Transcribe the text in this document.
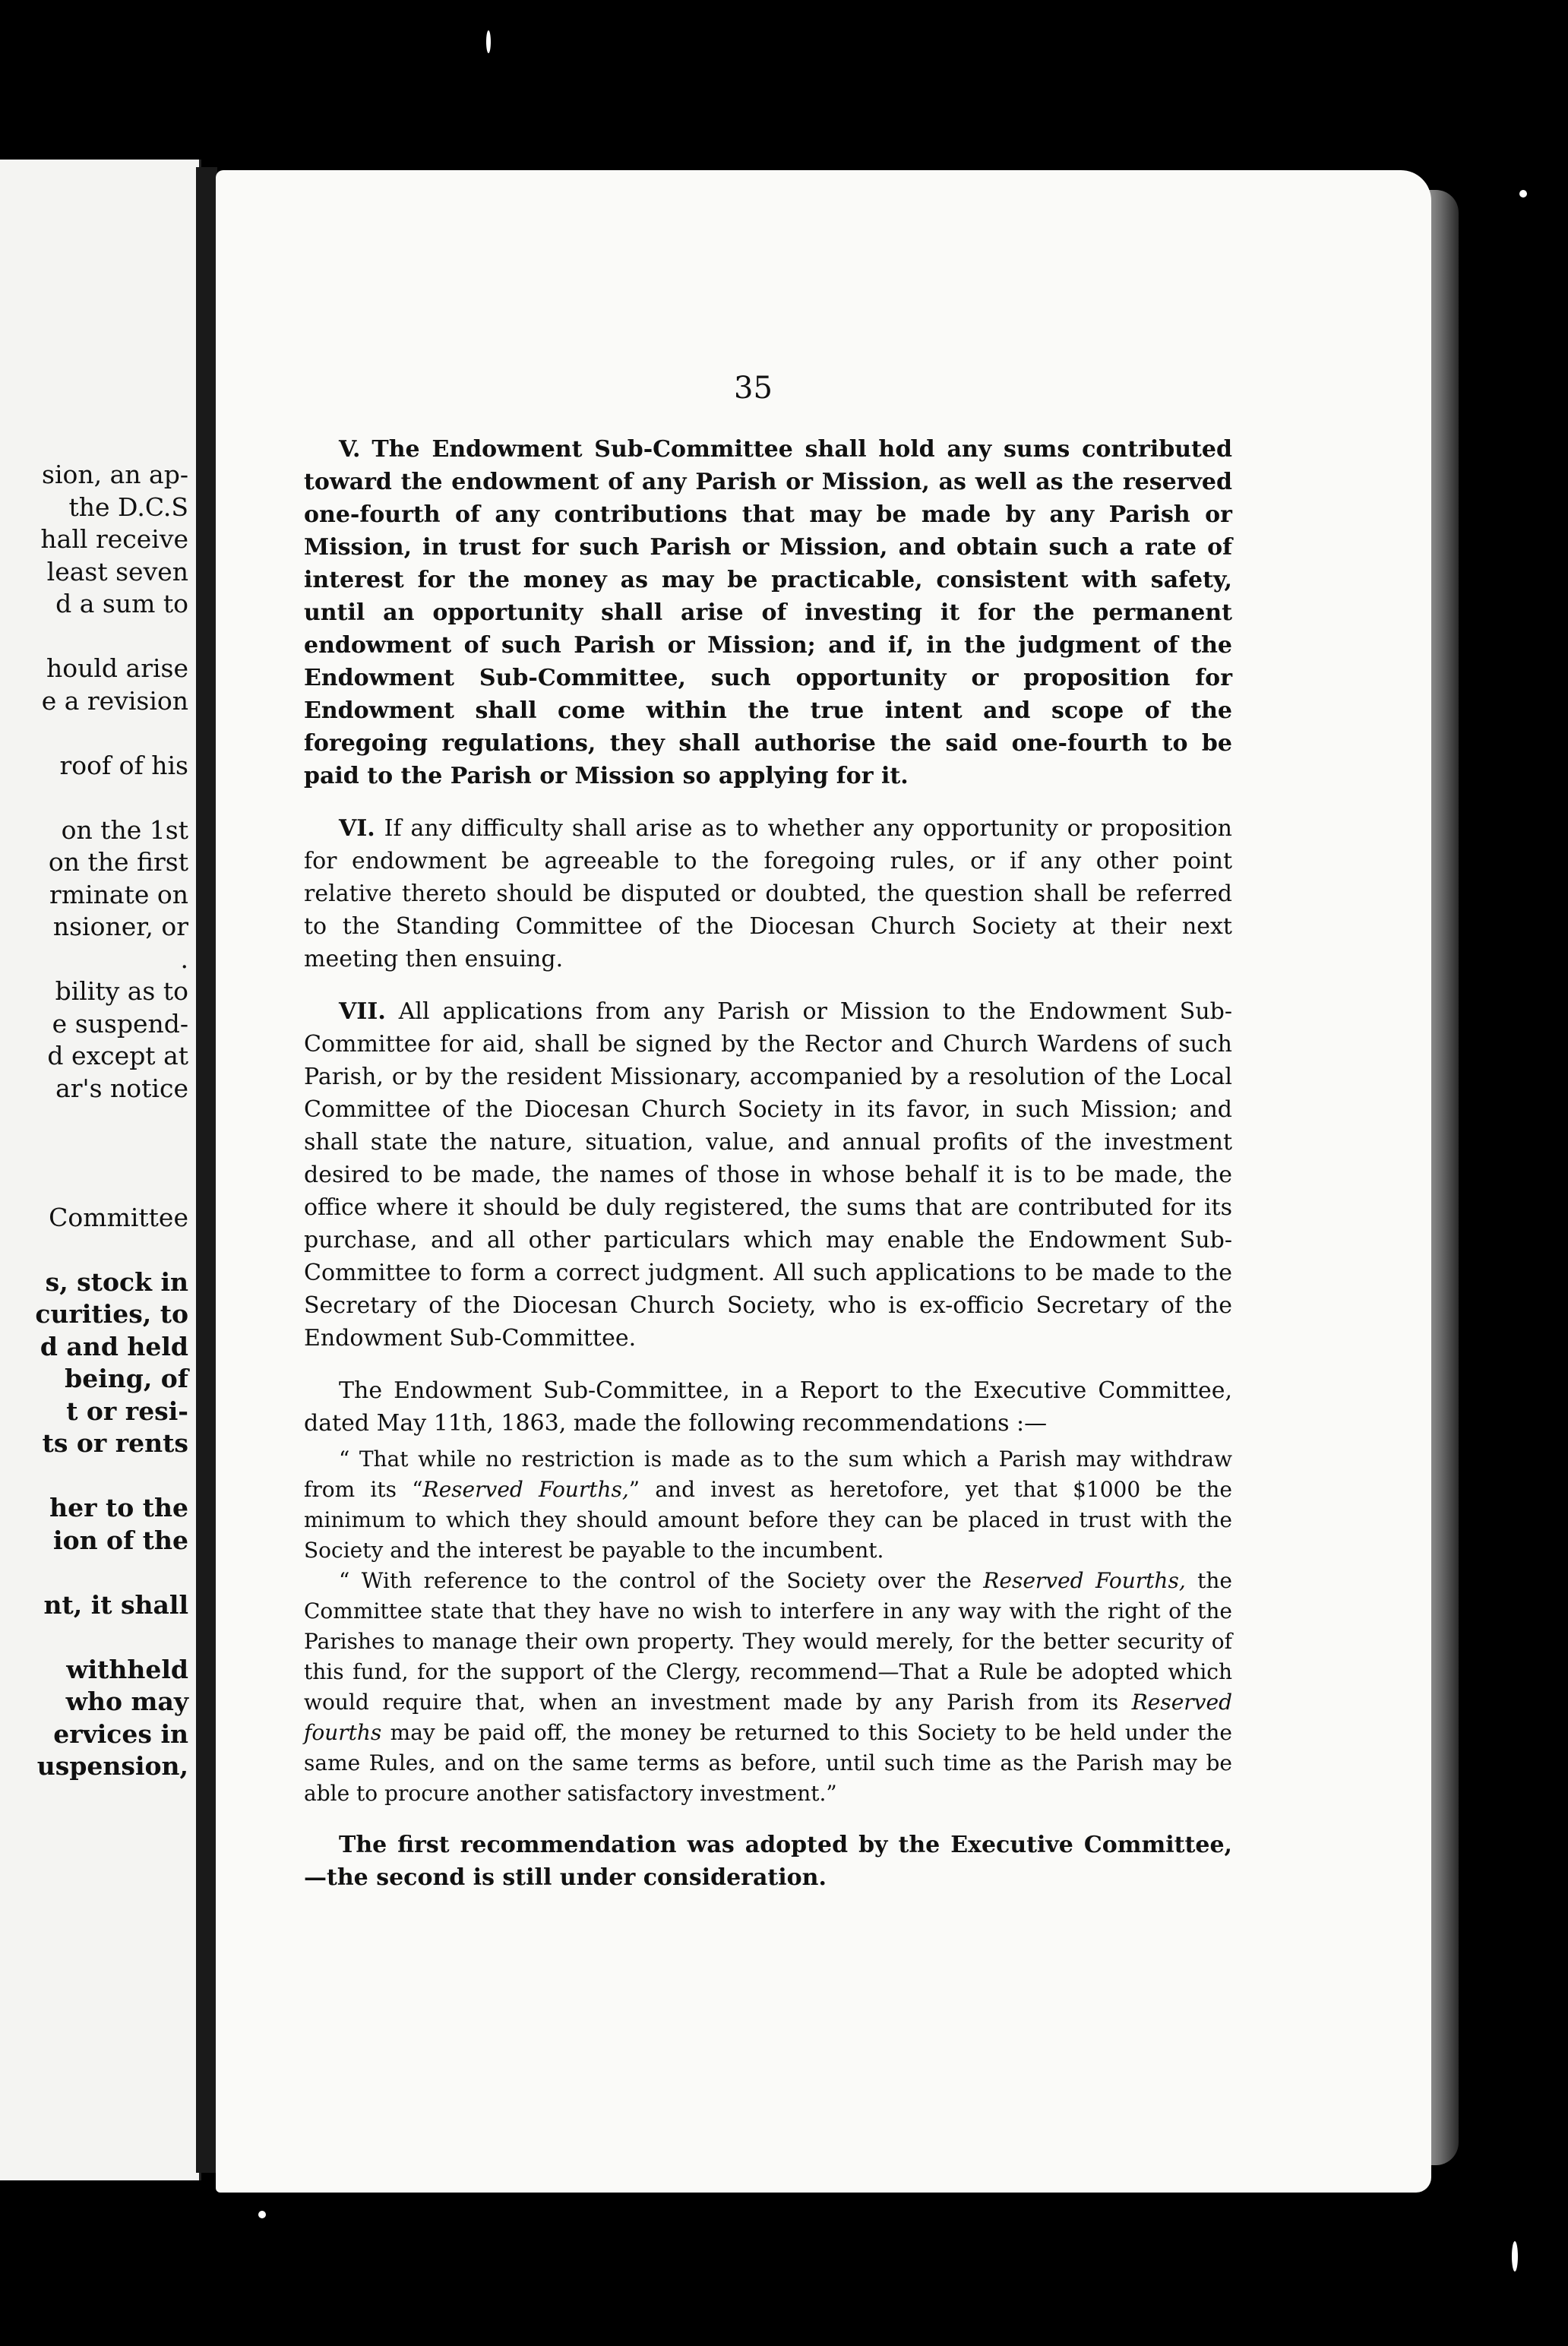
sion, an ap-
the D.C.S
hall receive
least seven
d a sum to
hould arise
e a revision
roof of his
on the 1st
on the first
rminate on
nsioner, or
.
bility as to
e suspend-
d except at
ar's notice
Committee
s, stock in
curities, to
d and held
being, of
t or resi-
ts or rents
her to the
ion of the
nt, it shall
withheld
who may
ervices in
uspension,
35

V. The Endowment Sub-Committee shall hold any sums contributed toward the endowment of any Parish or Mission, as well as the reserved one-fourth of any contributions that may be made by any Parish or Mission, in trust for such Parish or Mission, and obtain such a rate of interest for the money as may be practicable, consistent with safety, until an opportunity shall arise of investing it for the permanent endowment of such Parish or Mission; and if, in the judgment of the Endowment Sub-Committee, such opportunity or proposition for Endowment shall come within the true intent and scope of the foregoing regulations, they shall authorise the said one-fourth to be paid to the Parish or Mission so applying for it.

VI. If any difficulty shall arise as to whether any opportunity or proposition for endowment be agreeable to the foregoing rules, or if any other point relative thereto should be disputed or doubted, the question shall be referred to the Standing Committee of the Diocesan Church Society at their next meeting then ensuing.

VII. All applications from any Parish or Mission to the Endowment Sub-Committee for aid, shall be signed by the Rector and Church Wardens of such Parish, or by the resident Missionary, accompanied by a resolution of the Local Committee of the Diocesan Church Society in its favor, in such Mission; and shall state the nature, situation, value, and annual profits of the investment desired to be made, the names of those in whose behalf it is to be made, the office where it should be duly registered, the sums that are contributed for its purchase, and all other particulars which may enable the Endowment Sub-Committee to form a correct judgment. All such applications to be made to the Secretary of the Diocesan Church Society, who is ex-officio Secretary of the Endowment Sub-Committee.

The Endowment Sub-Committee, in a Report to the Executive Committee, dated May 11th, 1863, made the following recommendations :—

“ That while no restriction is made as to the sum which a Parish may withdraw from its “Reserved Fourths,” and invest as heretofore, yet that $1000 be the minimum to which they should amount before they can be placed in trust with the Society and the interest be payable to the incumbent.

“ With reference to the control of the Society over the Reserved Fourths, the Committee state that they have no wish to interfere in any way with the right of the Parishes to manage their own property. They would merely, for the better security of this fund, for the support of the Clergy, recommend—That a Rule be adopted which would require that, when an investment made by any Parish from its Reserved fourths may be paid off, the money be returned to this Society to be held under the same Rules, and on the same terms as before, until such time as the Parish may be able to procure another satisfactory investment.”

The first recommendation was adopted by the Executive Committee,—the second is still under consideration.
